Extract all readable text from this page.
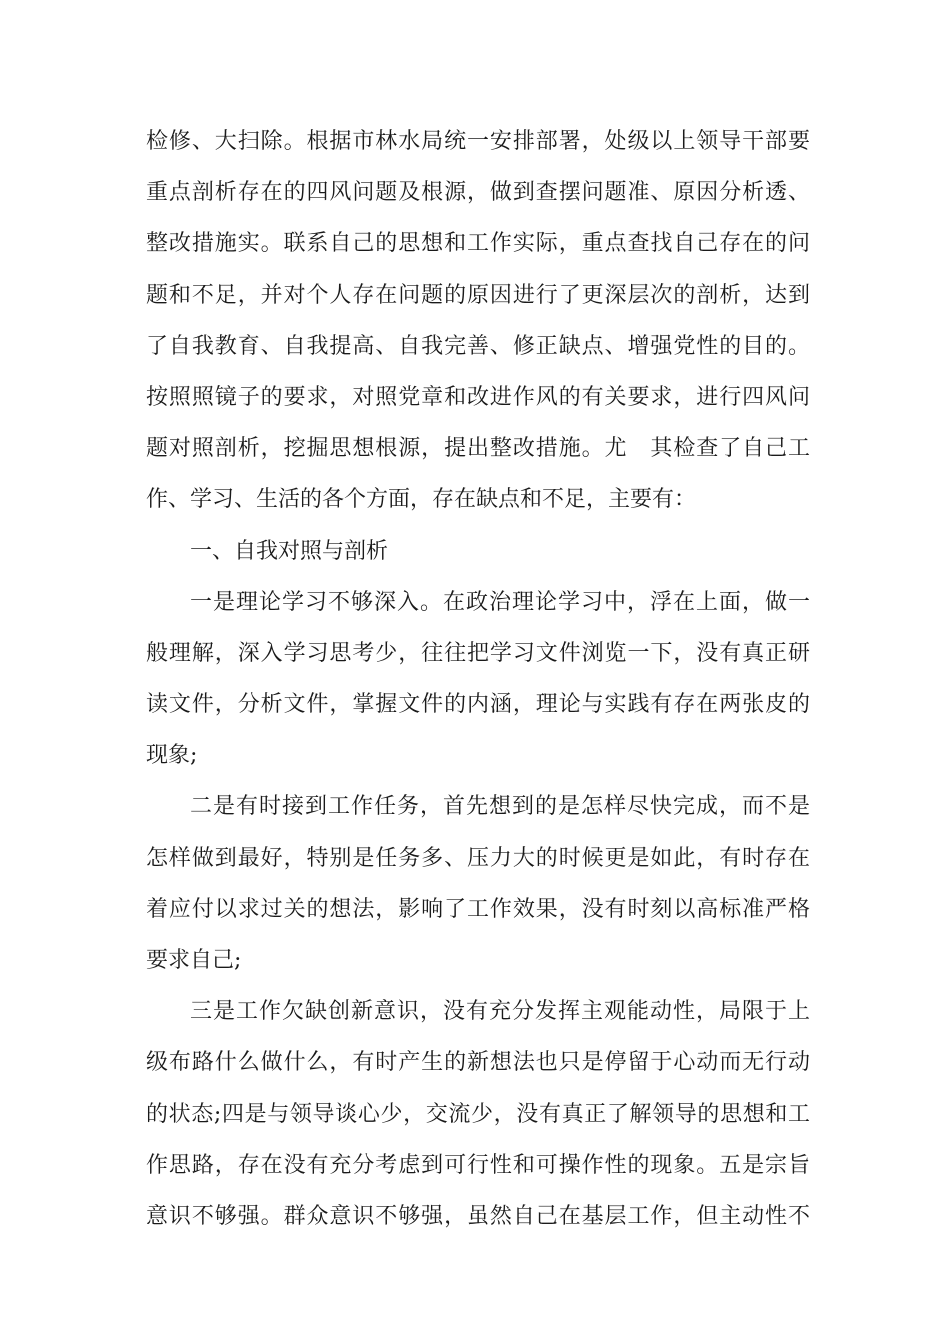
检修、大扫除。根据市林水局统一安排部署，处级以上领导干部要
重点剖析存在的四风问题及根源，做到查摆问题准、原因分析透、
整改措施实。联系自己的思想和工作实际，重点查找自己存在的问
题和不足，并对个人存在问题的原因进行了更深层次的剖析，达到
了自我教育、自我提高、自我完善、修正缺点、增强党性的目的。
按照照镜子的要求，对照党章和改进作风的有关要求，进行四风问
题对照剖析，挖掘思想根源，提出整改措施。尤　其检查了自己工
作、学习、生活的各个方面，存在缺点和不足，主要有：
一、自我对照与剖析
一是理论学习不够深入。在政治理论学习中，浮在上面，做一
般理解，深入学习思考少，往往把学习文件浏览一下，没有真正研
读文件，分析文件，掌握文件的内涵，理论与实践有存在两张皮的
现象;
二是有时接到工作任务，首先想到的是怎样尽快完成，而不是
怎样做到最好，特别是任务多、压力大的时候更是如此，有时存在
着应付以求过关的想法，影响了工作效果，没有时刻以高标准严格
要求自己;
三是工作欠缺创新意识，没有充分发挥主观能动性，局限于上
级布路什么做什么，有时产生的新想法也只是停留于心动而无行动
的状态;四是与领导谈心少，交流少，没有真正了解领导的思想和工
作思路，存在没有充分考虑到可行性和可操作性的现象。五是宗旨
意识不够强。群众意识不够强，虽然自己在基层工作，但主动性不
